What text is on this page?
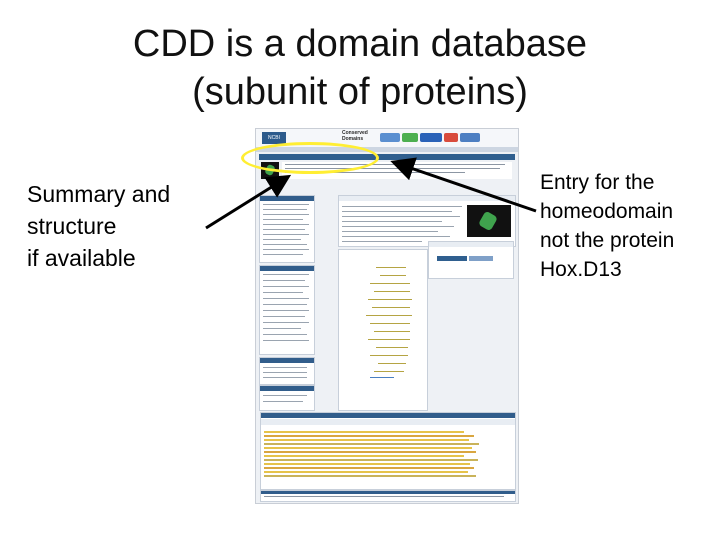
CDD is a domain database
(subunit of proteins)
Summary and
structure
if available
Entry for the
homeodomain
not the protein
Hox.D13
NCBI
Conserved
Domains
